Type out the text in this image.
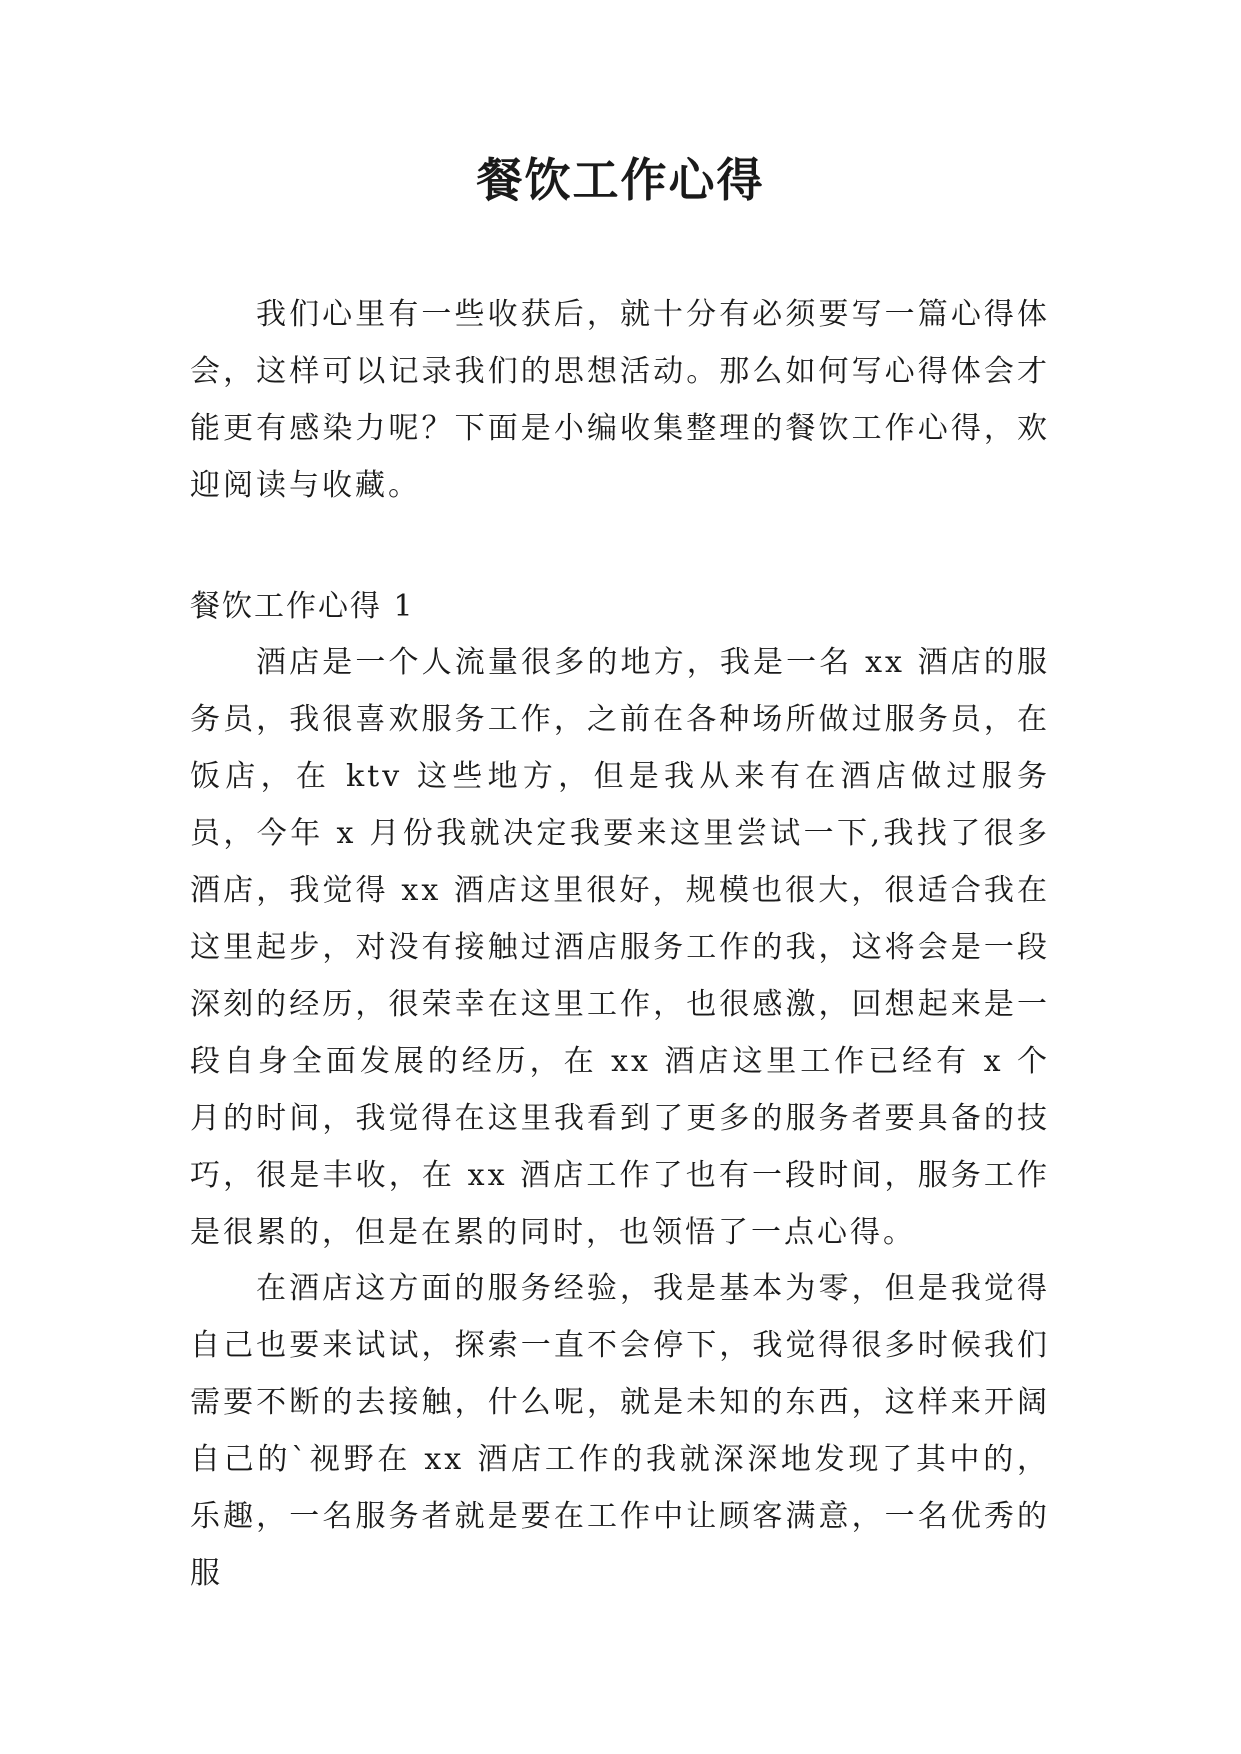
餐饮工作心得

我们心里有一些收获后，就十分有必须要写一篇心得体会，这样可以记录我们的思想活动。那么如何写心得体会才能更有感染力呢？下面是小编收集整理的餐饮工作心得，欢迎阅读与收藏。

餐饮工作心得 1

酒店是一个人流量很多的地方，我是一名 xx 酒店的服务员，我很喜欢服务工作，之前在各种场所做过服务员，在饭店，在 ktv 这些地方，但是我从来有在酒店做过服务员，今年 x 月份我就决定我要来这里尝试一下,我找了很多酒店，我觉得 xx 酒店这里很好，规模也很大，很适合我在这里起步，对没有接触过酒店服务工作的我，这将会是一段深刻的经历，很荣幸在这里工作，也很感激，回想起来是一段自身全面发展的经历，在 xx 酒店这里工作已经有 x 个月的时间，我觉得在这里我看到了更多的服务者要具备的技巧，很是丰收，在 xx 酒店工作了也有一段时间，服务工作是很累的，但是在累的同时，也领悟了一点心得。

在酒店这方面的服务经验，我是基本为零，但是我觉得自己也要来试试，探索一直不会停下，我觉得很多时候我们需要不断的去接触，什么呢，就是未知的东西，这样来开阔自己的`视野在 xx 酒店工作的我就深深地发现了其中的，乐趣，一名服务者就是要在工作中让顾客满意，一名优秀的服
